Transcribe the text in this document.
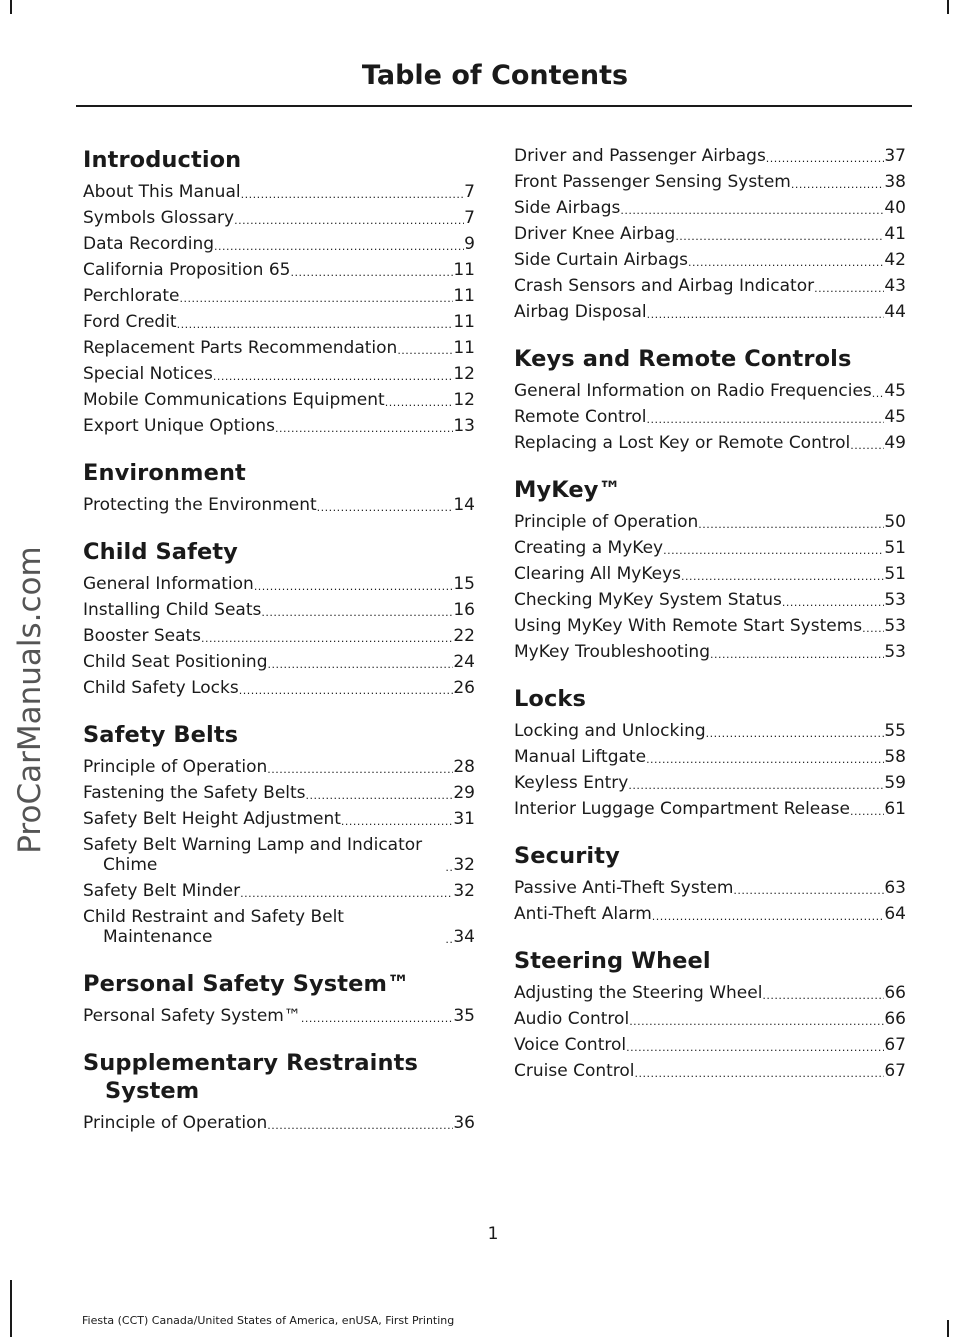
ProCarManuals.com
Table of Contents
Introduction
About This Manual .....	7
Symbols Glossary .....	7
Data Recording .....	9
California Proposition 65 .....	11
Perchlorate .....	11
Ford Credit .....	11
Replacement Parts Recommendation .....	11
Special Notices .....	12
Mobile Communications Equipment .....	12
Export Unique Options .....	13
Environment
Protecting the Environment .....	14
Child Safety
General Information .....	15
Installing Child Seats .....	16
Booster Seats .....	22
Child Seat Positioning .....	24
Child Safety Locks .....	26
Safety Belts
Principle of Operation .....	28
Fastening the Safety Belts .....	29
Safety Belt Height Adjustment .....	31
Safety Belt Warning Lamp and Indicator Chime .....	32
Safety Belt Minder .....	32
Child Restraint and Safety Belt Maintenance .....	34
Personal Safety System™
Personal Safety System™ .....	35
Supplementary Restraints System
Principle of Operation .....	36
Driver and Passenger Airbags .....	37
Front Passenger Sensing System .....	38
Side Airbags .....	40
Driver Knee Airbag .....	41
Side Curtain Airbags .....	42
Crash Sensors and Airbag Indicator .....	43
Airbag Disposal .....	44
Keys and Remote Controls
General Information on Radio Frequencies ..... 45
Remote Control .....	45
Replacing a Lost Key or Remote Control ..... 49
MyKey™
Principle of Operation .....	50
Creating a MyKey .....	51
Clearing All MyKeys .....	51
Checking MyKey System Status .....	53
Using MyKey With Remote Start Systems ..... 53
MyKey Troubleshooting .....	53
Locks
Locking and Unlocking .....	55
Manual Liftgate .....	58
Keyless Entry .....	59
Interior Luggage Compartment Release ..... 61
Security
Passive Anti-Theft System .....	63
Anti-Theft Alarm .....	64
Steering Wheel
Adjusting the Steering Wheel .....	66
Audio Control .....	66
Voice Control .....	67
Cruise Control .....	67
1
Fiesta (CCT) Canada/United States of America, enUSA, First Printing
